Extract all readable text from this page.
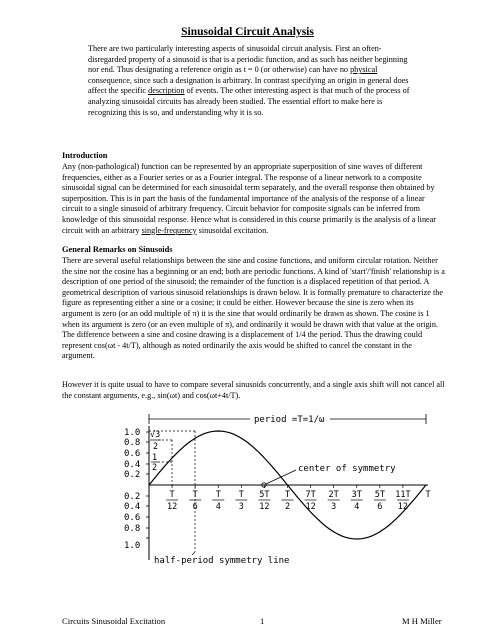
Sinusoidal Circuit Analysis

There are two particularly interesting aspects of sinusoidal circuit analysis. First an often-disregarded property of a sinusoid is that is a periodic function, and as such has neither beginning nor end. Thus designating a reference origin as t = 0 (or otherwise) can have no physical consequence, since such a designation is arbitrary. In contrast specifying an origin in general does affect the specific description of events. The other interesting aspect is that much of the process of analyzing sinusoidal circuits has already been studied. The essential effort to make here is recognizing this is so, and understanding why it is so.

Introduction

Any (non-pathological) function can be represented by an appropriate superposition of sine waves of different frequencies, either as a Fourier series or as a Fourier integral. The response of a linear network to a composite sinusoidal signal can be determined for each sinusoidal term separately, and the overall response then obtained by superposition. This is in part the basis of the fundamental importance of the analysis of the response of a linear circuit to a single sinusoid of arbitrary frequency. Circuit behavior for composite signals can be inferred from knowledge of this sinusoidal response. Hence what is considered in this course primarily is the analysis of a linear circuit with an arbitrary single-frequency sinusoidal excitation.

General Remarks on Sinusoids

There are several useful relationships between the sine and cosine functions, and uniform circular rotation. Neither the sine nor the cosine has a beginning or an end; both are periodic functions. A kind of 'start'/'finish' relationship is a description of one period of the sinusoid; the remainder of the function is a displaced repetition of that period. A geometrical description of various sinusoid relationships is drawn below. It is formally premature to characterize the figure as representing either a sine or a cosine; it could be either. However because the sine is zero when its argument is zero (or an odd multiple of π) it is the sine that would ordinarily be drawn as shown. The cosine is 1 when its argument is zero (or an even multiple of π), and ordinarily it would be drawn with that value at the origin. The difference between a sine and cosine drawing is a displacement of 1/4 the period. Thus the drawing could represent cos(ωt - 4t/T), although as noted ordinarily the axis would be shifted to cancel the constant in the argument.

However it is quite usual to have to compare several sinusoids concurrently, and a single axis shift will not cancel all the constant arguments, e.g., sin(ωt) and cos(ωt+4t/T).

period =T=1/ω
1.0
0.8
0.6
0.4
0.2
0.2
0.4
0.6
0.8
1.0
√3
2
1
2	center of symmetry
T
12
T
6
T
4
T
3
5T
12
T
2
7T
12
2T
3
3T
4
5T
6
11T
12
T
half-period symmetry line

Circuits Sinusoidal Excitation	1	M H Miller
